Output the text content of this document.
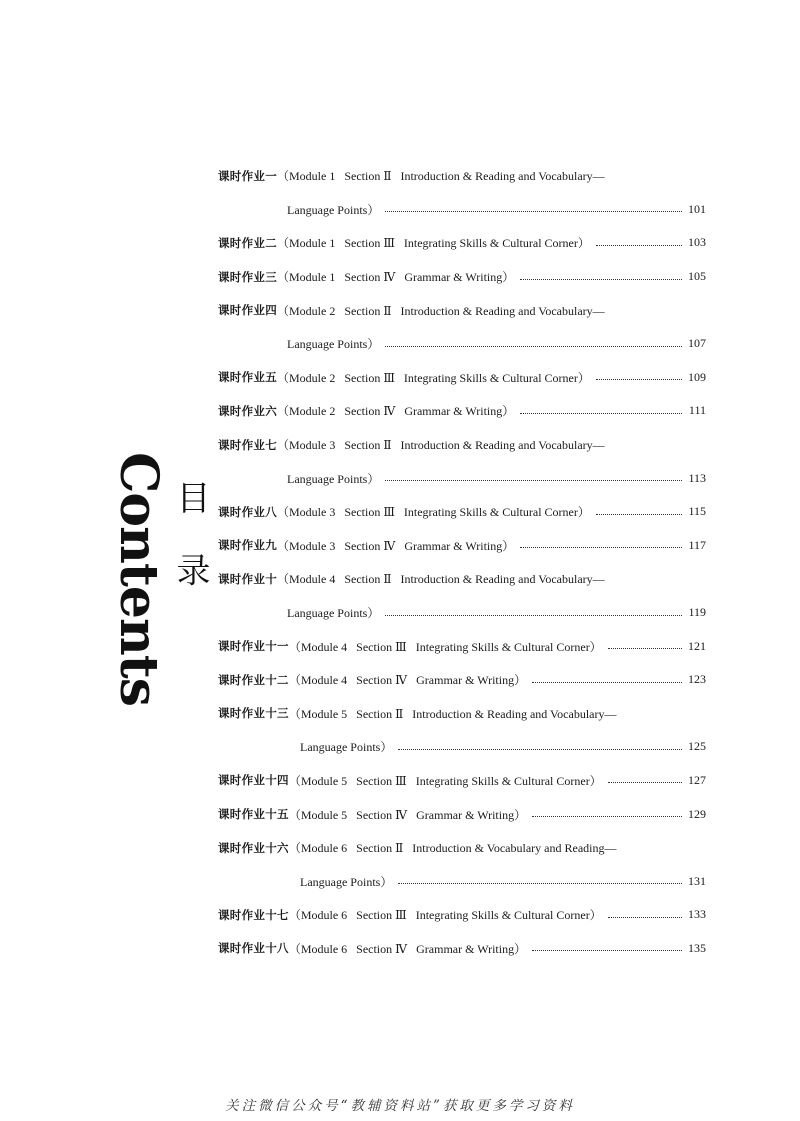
Contents 目 录
课时作业一 （Module 1   Section Ⅱ   Introduction & Reading and Vocabulary—
Language Points）	101
课时作业二 （Module 1   Section Ⅲ   Integrating Skills & Cultural Corner）	103
课时作业三 （Module 1   Section Ⅳ   Grammar & Writing）	105
课时作业四 （Module 2   Section Ⅱ   Introduction & Reading and Vocabulary—
Language Points）	107
课时作业五 （Module 2   Section Ⅲ   Integrating Skills & Cultural Corner）	109
课时作业六 （Module 2   Section Ⅳ   Grammar & Writing）	111
课时作业七 （Module 3   Section Ⅱ   Introduction & Reading and Vocabulary—
Language Points）	113
课时作业八 （Module 3   Section Ⅲ   Integrating Skills & Cultural Corner）	115
课时作业九 （Module 3   Section Ⅳ   Grammar & Writing）	117
课时作业十 （Module 4   Section Ⅱ   Introduction & Reading and Vocabulary—
Language Points）	119
课时作业十一 （Module 4   Section Ⅲ   Integrating Skills & Cultural Corner）	121
课时作业十二 （Module 4   Section Ⅳ   Grammar & Writing）	123
课时作业十三 （Module 5   Section Ⅱ   Introduction & Reading and Vocabulary—
Language Points）	125
课时作业十四 （Module 5   Section Ⅲ   Integrating Skills & Cultural Corner）	127
课时作业十五 （Module 5   Section Ⅳ   Grammar & Writing）	129
课时作业十六 （Module 6   Section Ⅱ   Introduction & Vocabulary and Reading—
Language Points）	131
课时作业十七 （Module 6   Section Ⅲ   Integrating Skills & Cultural Corner）	133
课时作业十八 （Module 6   Section Ⅳ   Grammar & Writing）	135
关注微信公众号“教辅资料站”获取更多学习资料
